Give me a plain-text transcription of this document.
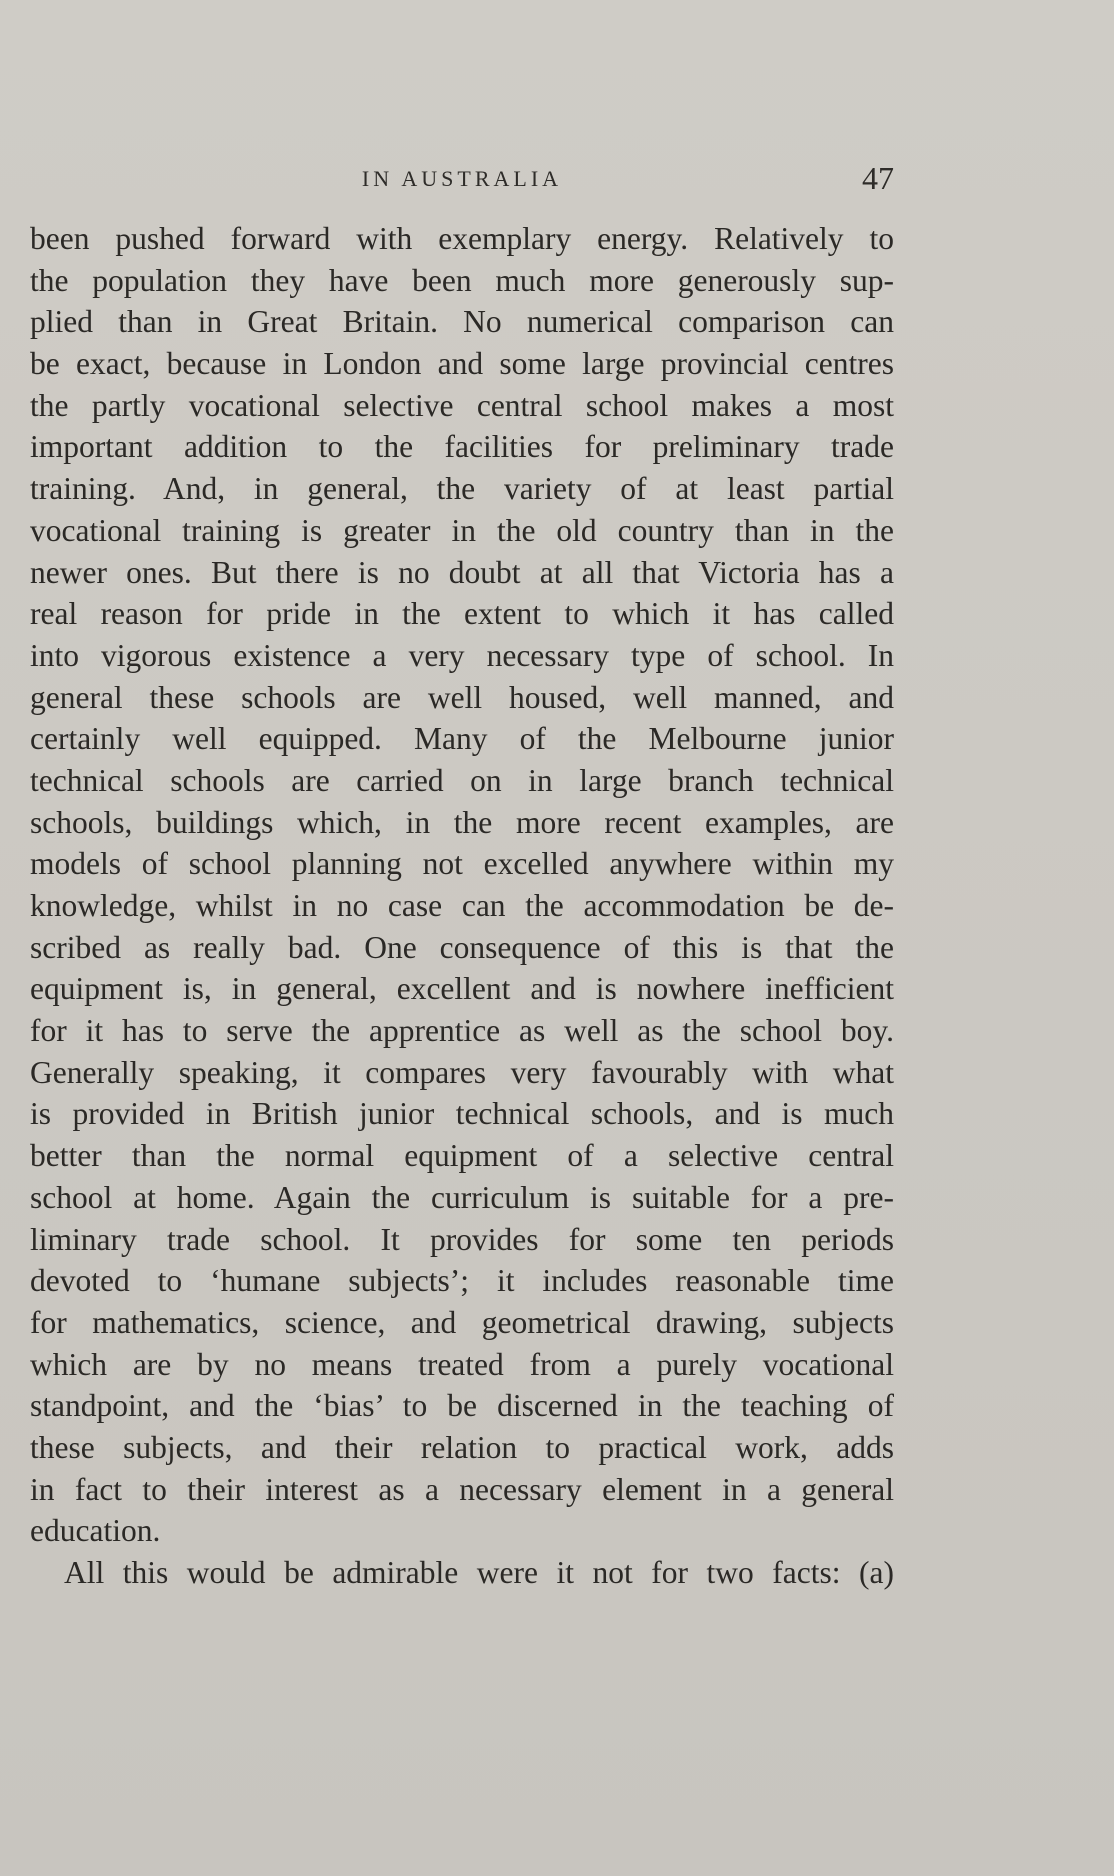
IN AUSTRALIA	47
been pushed forward with exemplary energy. Relatively to
the population they have been much more generously sup-
plied than in Great Britain. No numerical comparison can
be exact, because in London and some large provincial centres
the partly vocational selective central school makes a most
important addition to the facilities for preliminary trade
training. And, in general, the variety of at least partial
vocational training is greater in the old country than in the
newer ones. But there is no doubt at all that Victoria has a
real reason for pride in the extent to which it has called
into vigorous existence a very necessary type of school. In
general these schools are well housed, well manned, and
certainly well equipped. Many of the Melbourne junior
technical schools are carried on in large branch technical
schools, buildings which, in the more recent examples, are
models of school planning not excelled anywhere within my
knowledge, whilst in no case can the accommodation be de-
scribed as really bad. One consequence of this is that the
equipment is, in general, excellent and is nowhere inefficient
for it has to serve the apprentice as well as the school boy.
Generally speaking, it compares very favourably with what
is provided in British junior technical schools, and is much
better than the normal equipment of a selective central
school at home. Again the curriculum is suitable for a pre-
liminary trade school. It provides for some ten periods
devoted to ‘humane subjects’; it includes reasonable time
for mathematics, science, and geometrical drawing, subjects
which are by no means treated from a purely vocational
standpoint, and the ‘bias’ to be discerned in the teaching of
these subjects, and their relation to practical work, adds
in fact to their interest as a necessary element in a general
education.
All this would be admirable were it not for two facts: (a)
